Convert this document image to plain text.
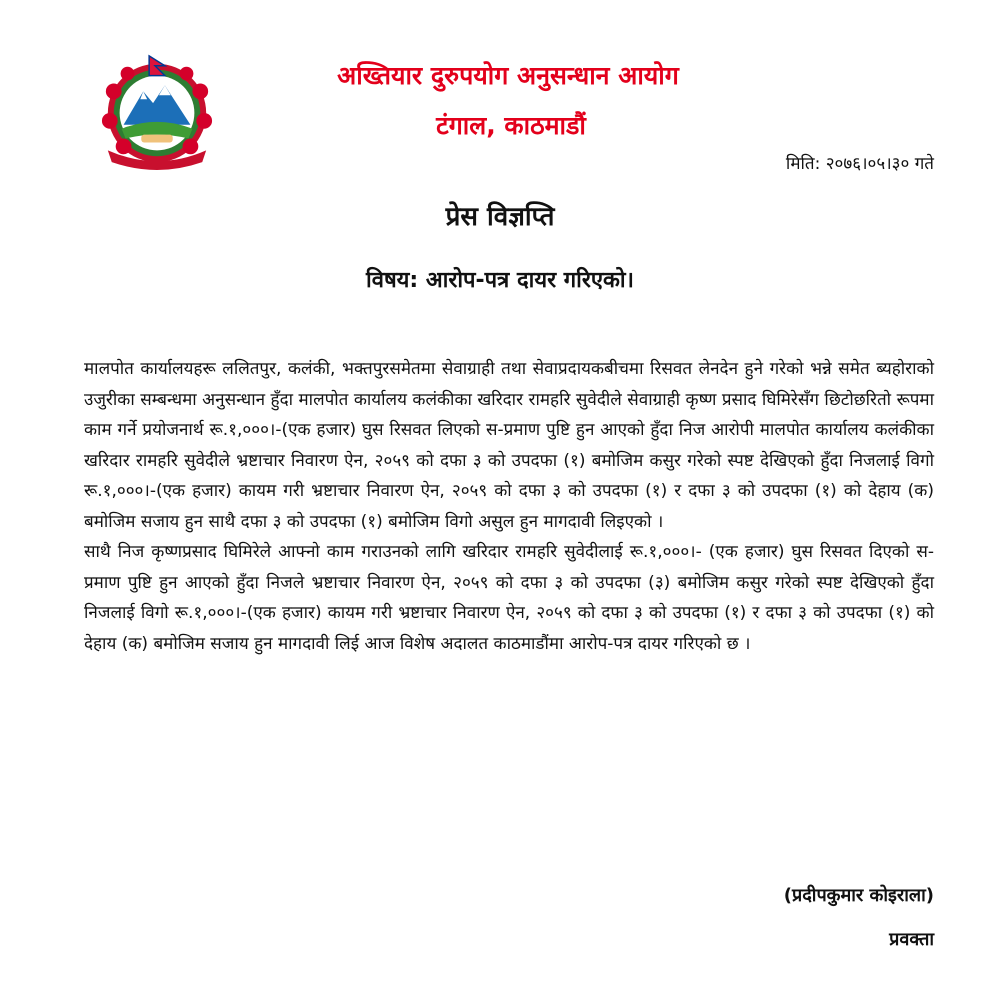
अख्तियार दुरुपयोग अनुसन्धान आयोग
टंगाल, काठमाडौं
मिति: २०७६।०५।३० गते
प्रेस विज्ञप्ति
विषय: आरोप-पत्र दायर गरिएको।

मालपोत कार्यालयहरू ललितपुर, कलंकी, भक्तपुरसमेतमा सेवाग्राही तथा सेवाप्रदायकबीचमा रिसवत लेनदेन हुने गरेको भन्ने समेत ब्यहोराको उजुरीका सम्बन्धमा अनुसन्धान हुँदा मालपोत कार्यालय कलंकीका खरिदार रामहरि सुवेदीले सेवाग्राही कृष्ण प्रसाद घिमिरेसँग छिटोछरितो रूपमा काम गर्ने प्रयोजनार्थ रू.१,०००।-(एक हजार) घुस रिसवत लिएको स-प्रमाण पुष्टि हुन आएको हुँदा निज आरोपी मालपोत कार्यालय कलंकीका खरिदार रामहरि सुवेदीले भ्रष्टाचार निवारण ऐन, २०५९ को दफा ३ को उपदफा (१) बमोजिम कसुर गरेको स्पष्ट देखिएको हुँदा निजलाई विगो रू.१,०००।-(एक हजार) कायम गरी भ्रष्टाचार निवारण ऐन, २०५९ को दफा ३ को उपदफा (१) र दफा ३ को उपदफा (१) को देहाय (क) बमोजिम सजाय हुन साथै दफा ३ को उपदफा (१) बमोजिम विगो असुल हुन मागदावी लिइएको ।

साथै निज कृष्णप्रसाद घिमिरेले आफ्नो काम गराउनको लागि खरिदार रामहरि सुवेदीलाई रू.१,०००।- (एक हजार) घुस रिसवत दिएको स-प्रमाण पुष्टि हुन आएको हुँदा निजले भ्रष्टाचार निवारण ऐन, २०५९ को दफा ३ को उपदफा (३) बमोजिम कसुर गरेको स्पष्ट देखिएको हुँदा निजलाई विगो रू.१,०००।-(एक हजार) कायम गरी भ्रष्टाचार निवारण ऐन, २०५९ को दफा ३ को उपदफा (१) र दफा ३ को उपदफा (१) को देहाय (क) बमोजिम सजाय हुन मागदावी लिई आज विशेष अदालत काठमाडौंमा आरोप-पत्र दायर गरिएको छ ।

(प्रदीपकुमार कोइराला)
प्रवक्ता
